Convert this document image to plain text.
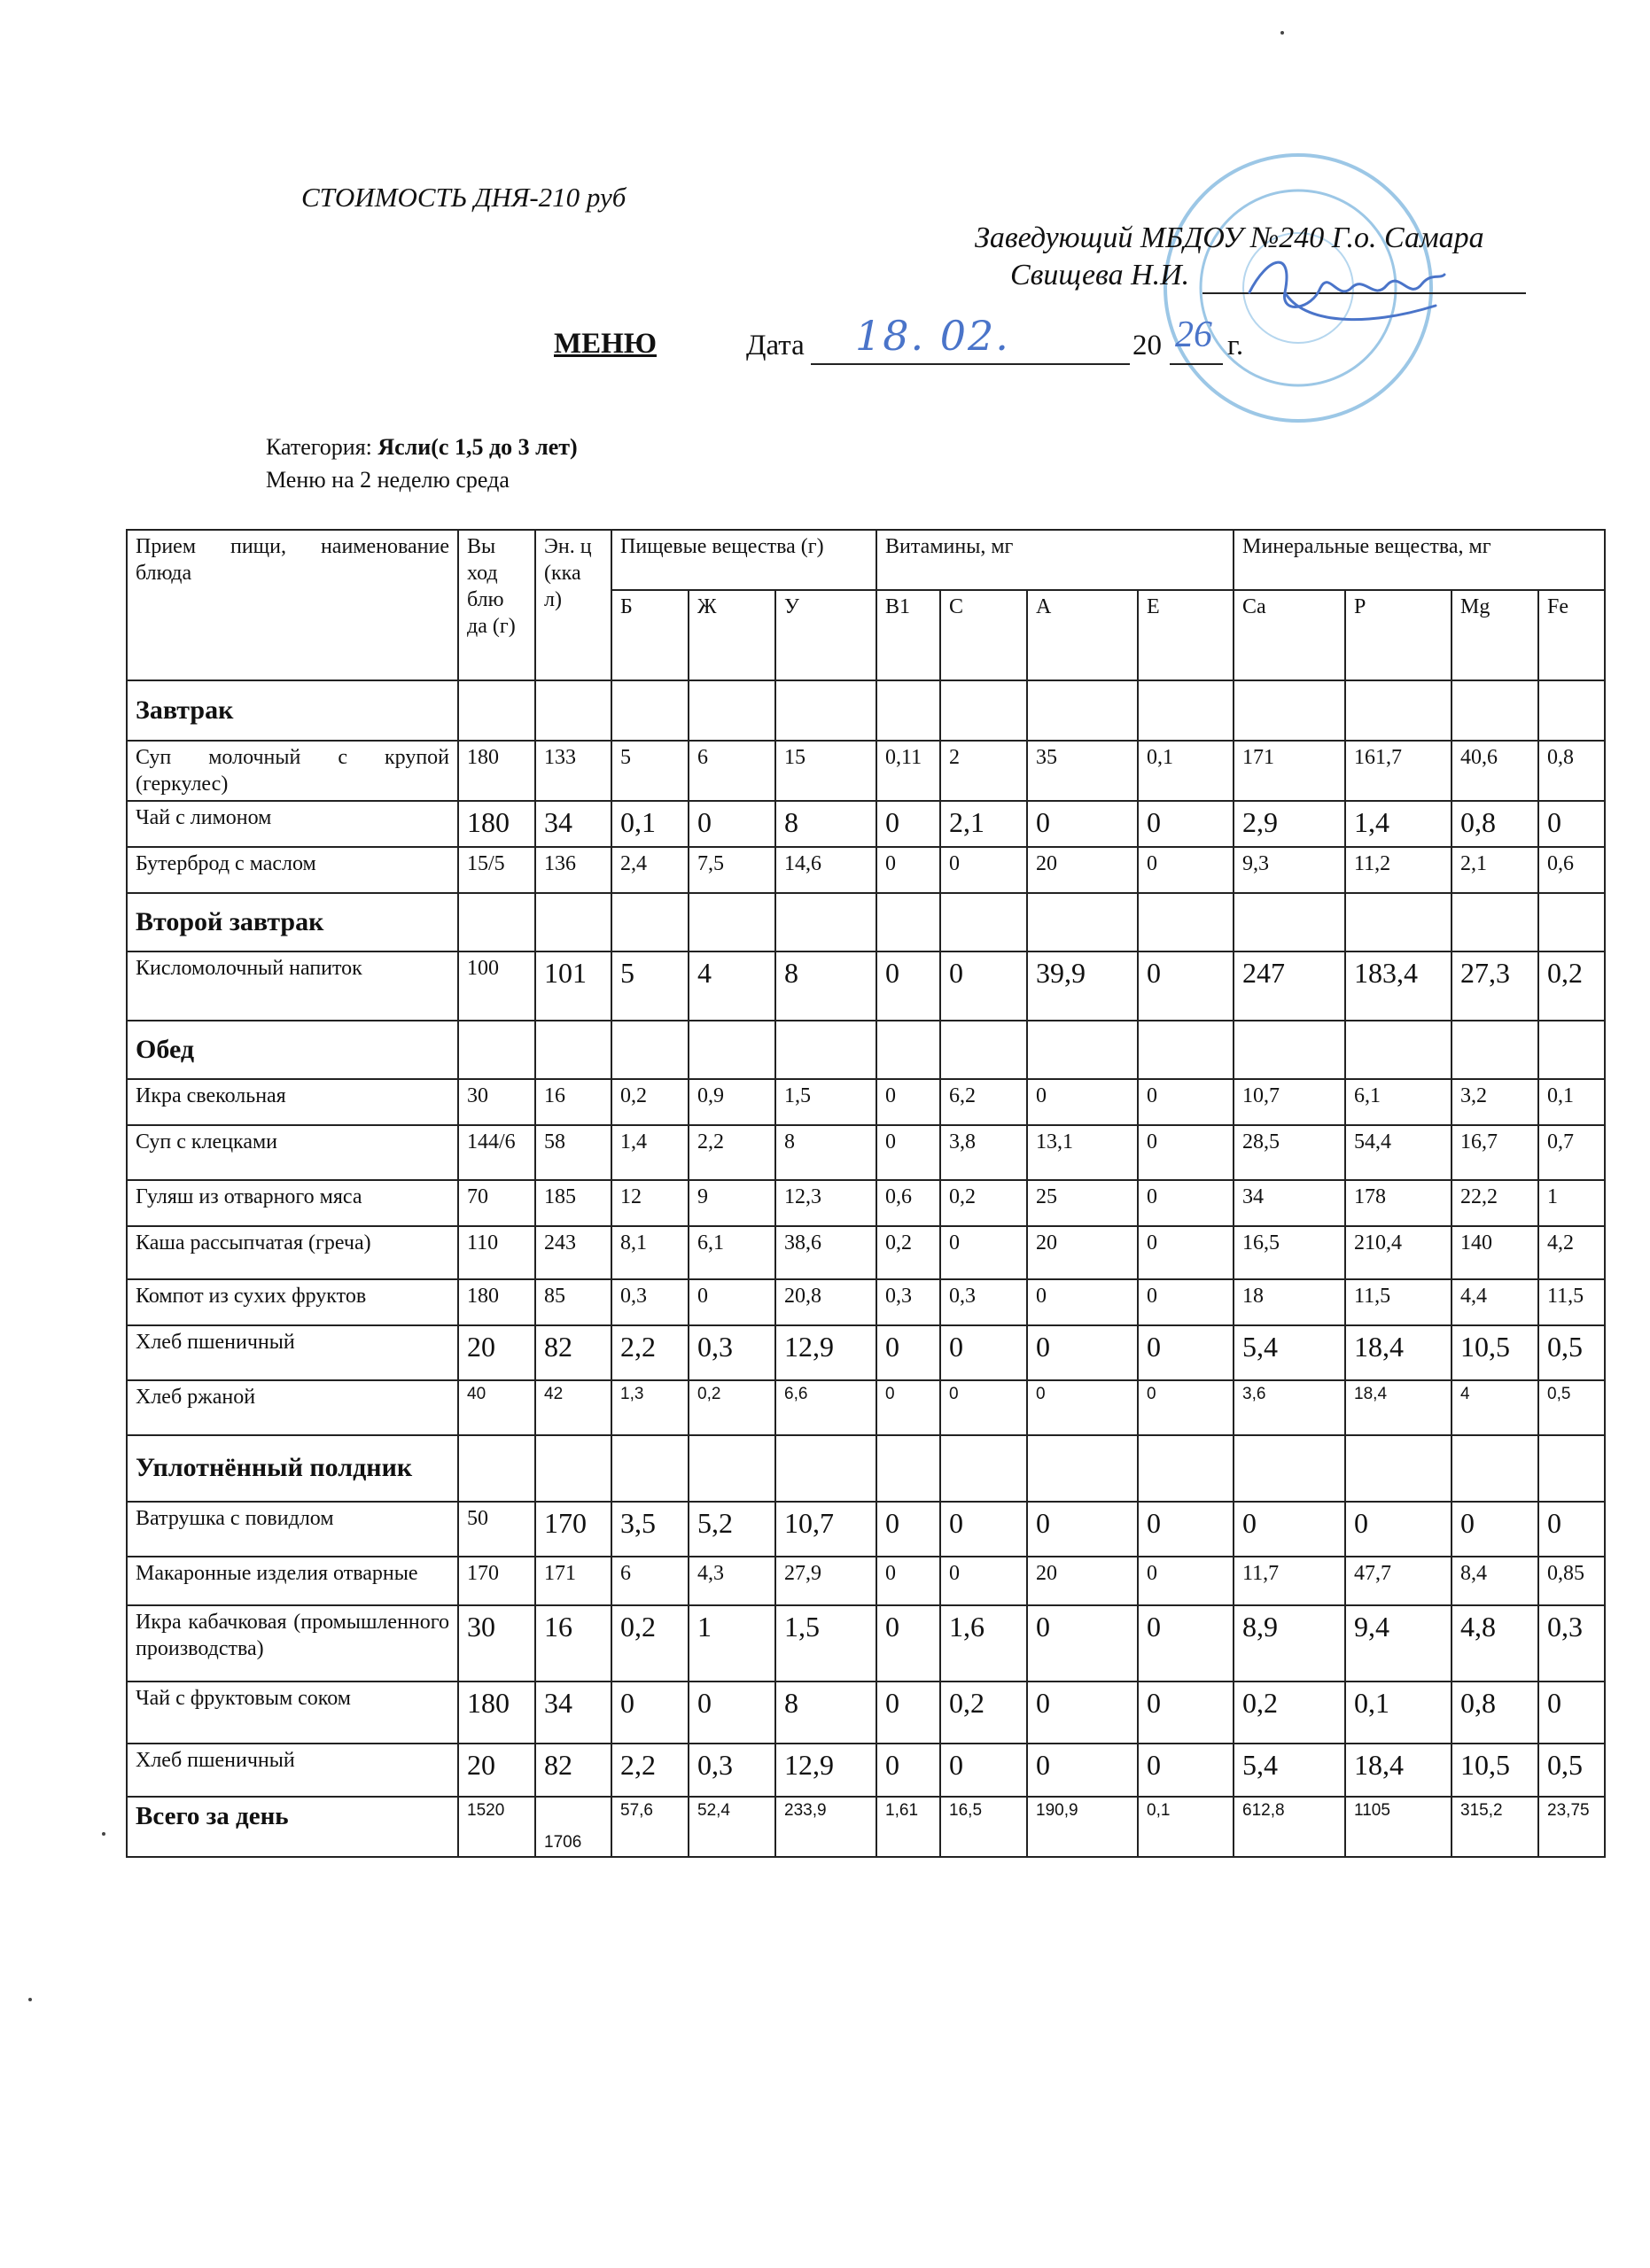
СТОИМОСТЬ ДНЯ-210 руб
Заведующий МБДОУ №240 Г.о. Самара
Свищева Н.И.
МЕНЮ	Дата 18. 02.	20 26 г.
Категория: Ясли(с 1,5 до 3 лет)
Меню на 2 неделю среда
Прием пищи, наименование блюда	Вы ход блю да (г)	Эн. ц (кка л)	Пищевые вещества (г)			Витамины, мг				Минеральные вещества, мг			
			Б	Ж	У	B1	C	A	E	Ca	P	Mg	Fe
Завтрак													
Суп молочный с крупой (геркулес)	180	133	5	6	15	0,11	2	35	0,1	171	161,7	40,6	0,8
Чай с лимоном	180	34	0,1	0	8	0	2,1	0	0	2,9	1,4	0,8	0
Бутерброд с маслом	15/5	136	2,4	7,5	14,6	0	0	20	0	9,3	11,2	2,1	0,6
Второй завтрак													
Кисломолочный напиток	100	101	5	4	8	0	0	39,9	0	247	183,4	27,3	0,2
Обед													
Икра свекольная	30	16	0,2	0,9	1,5	0	6,2	0	0	10,7	6,1	3,2	0,1
Суп с клецками	144/6	58	1,4	2,2	8	0	3,8	13,1	0	28,5	54,4	16,7	0,7
Гуляш из отварного мяса	70	185	12	9	12,3	0,6	0,2	25	0	34	178	22,2	1
Каша рассыпчатая (греча)	110	243	8,1	6,1	38,6	0,2	0	20	0	16,5	210,4	140	4,2
Компот из сухих фруктов	180	85	0,3	0	20,8	0,3	0,3	0	0	18	11,5	4,4	11,5
Хлеб пшеничный	20	82	2,2	0,3	12,9	0	0	0	0	5,4	18,4	10,5	0,5
Хлеб ржаной	40	42	1,3	0,2	6,6	0	0	0	0	3,6	18,4	4	0,5
Уплотнённый полдник													
Ватрушка с повидлом	50	170	3,5	5,2	10,7	0	0	0	0	0	0	0	0
Макаронные изделия отварные	170	171	6	4,3	27,9	0	0	20	0	11,7	47,7	8,4	0,85
Икра кабачковая (промышленного производства)	30	16	0,2	1	1,5	0	1,6	0	0	8,9	9,4	4,8	0,3
Чай с фруктовым соком	180	34	0	0	8	0	0,2	0	0	0,2	0,1	0,8	0
Хлеб пшеничный	20	82	2,2	0,3	12,9	0	0	0	0	5,4	18,4	10,5	0,5
Всего за день	1520	1706	57,6	52,4	233,9	1,61	16,5	190,9	0,1	612,8	1105	315,2	23,75
